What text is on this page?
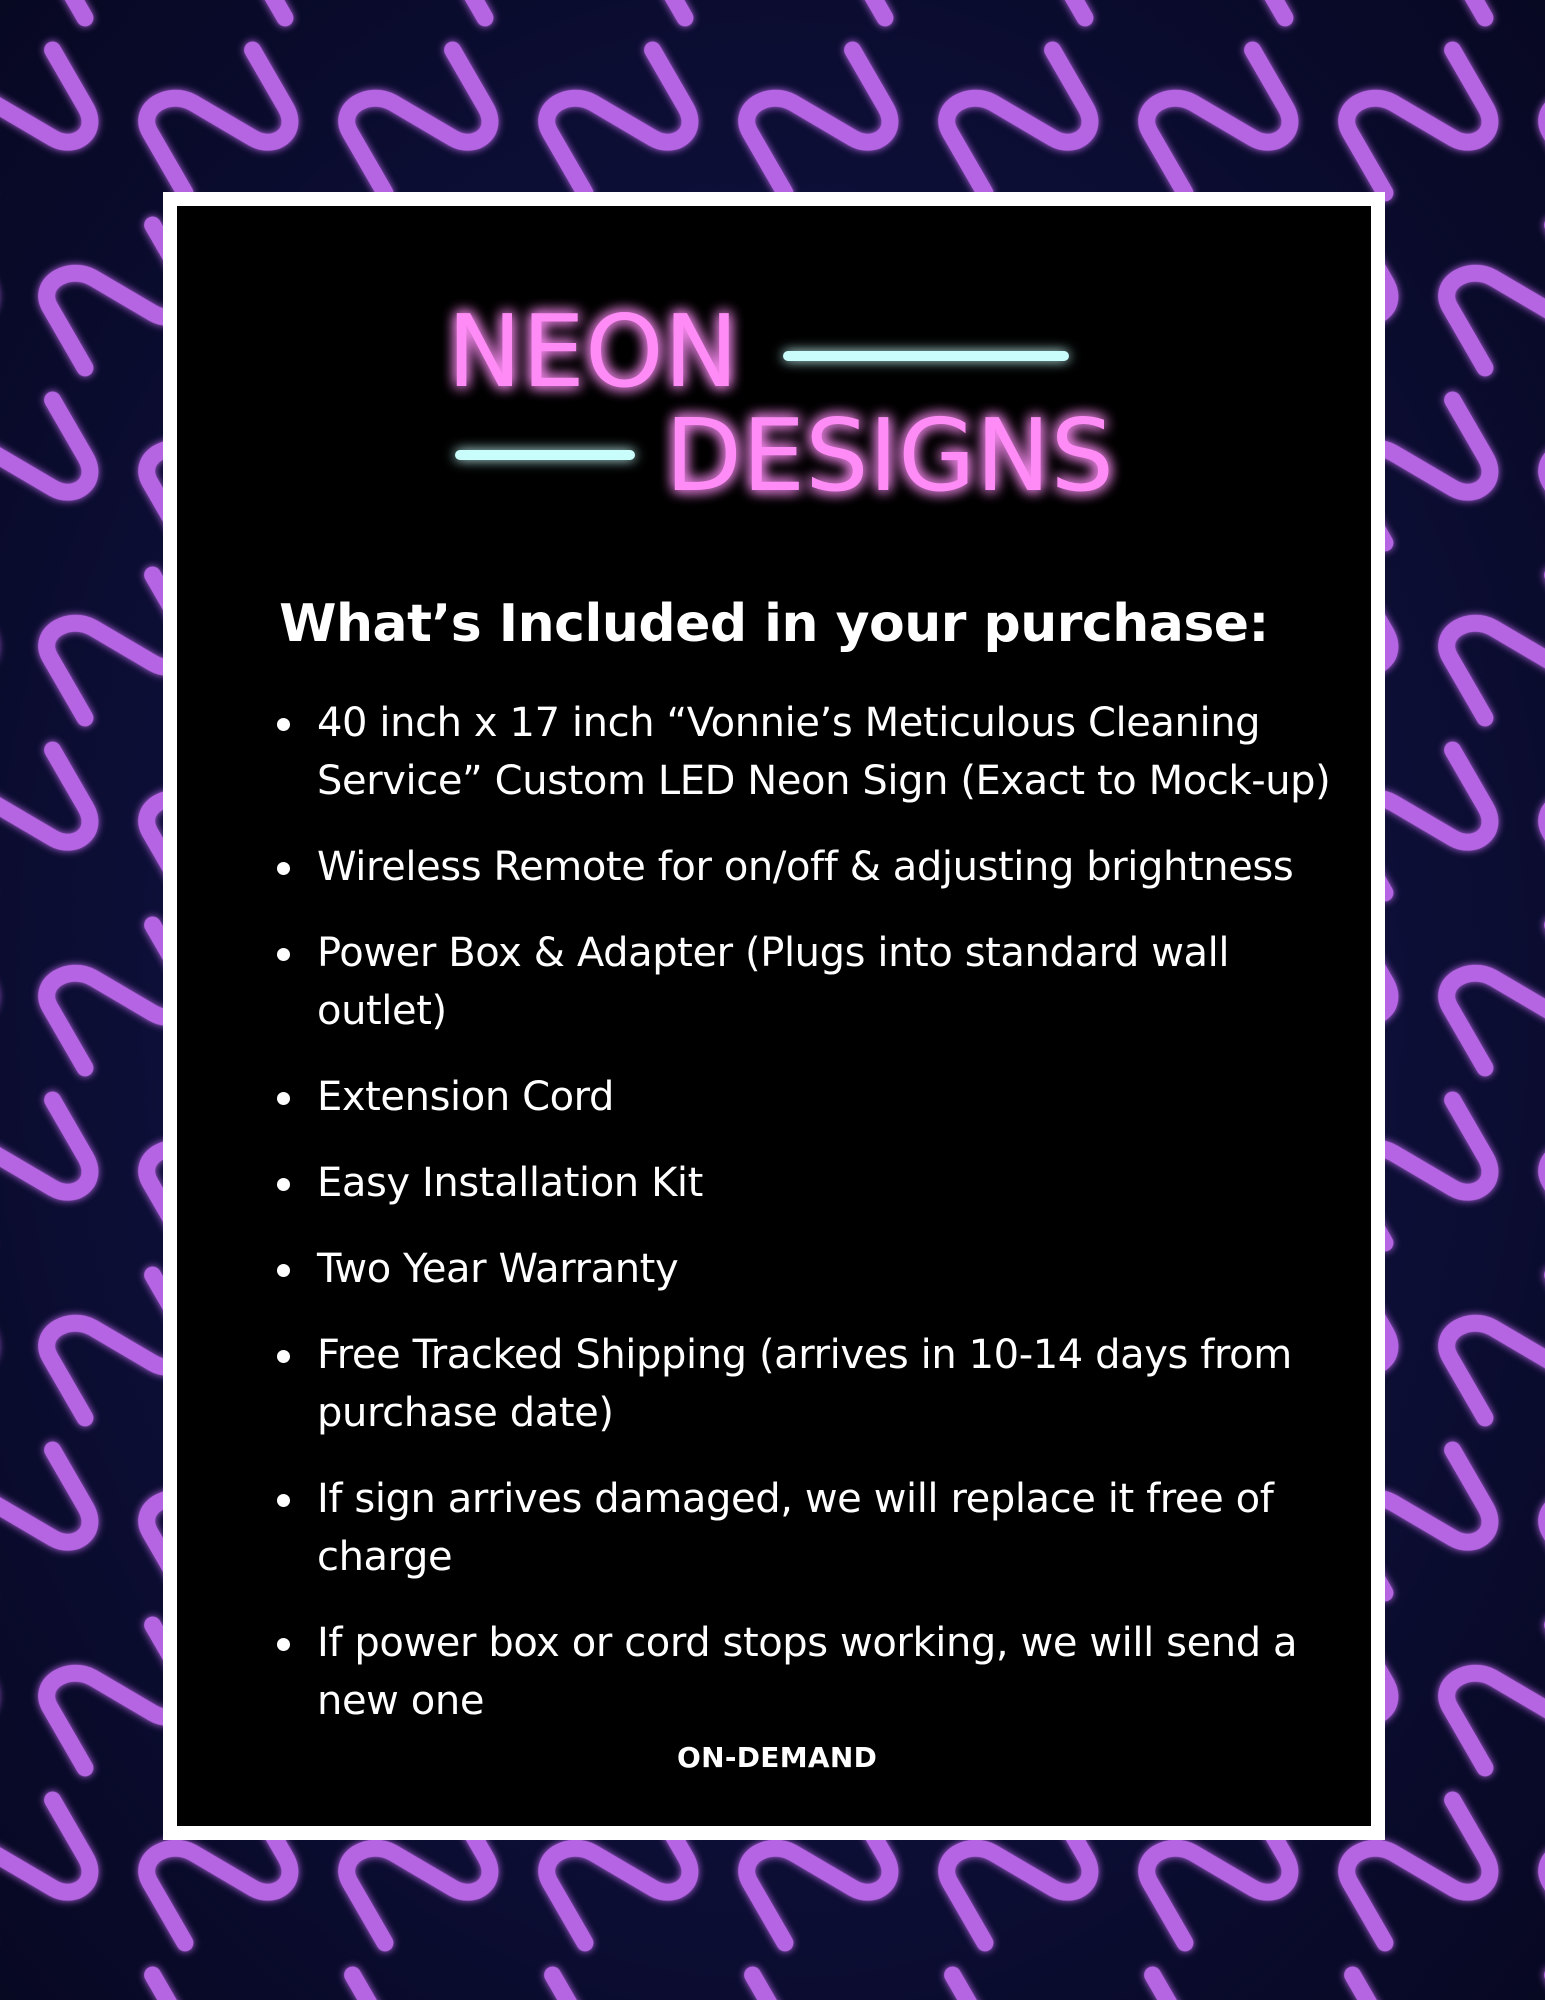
NEON
DESIGNS
What’s Included in your purchase:
40 inch x 17 inch “Vonnie’s Meticulous Cleaning Service” Custom LED Neon Sign (Exact to Mock-up)
Wireless Remote for on/off & adjusting brightness
Power Box & Adapter (Plugs into standard wall outlet)
Extension Cord
Easy Installation Kit
Two Year Warranty
Free Tracked Shipping (arrives in 10-14 days from purchase date)
If sign arrives damaged, we will replace it free of charge
If power box or cord stops working, we will send a new one
ON-DEMAND
